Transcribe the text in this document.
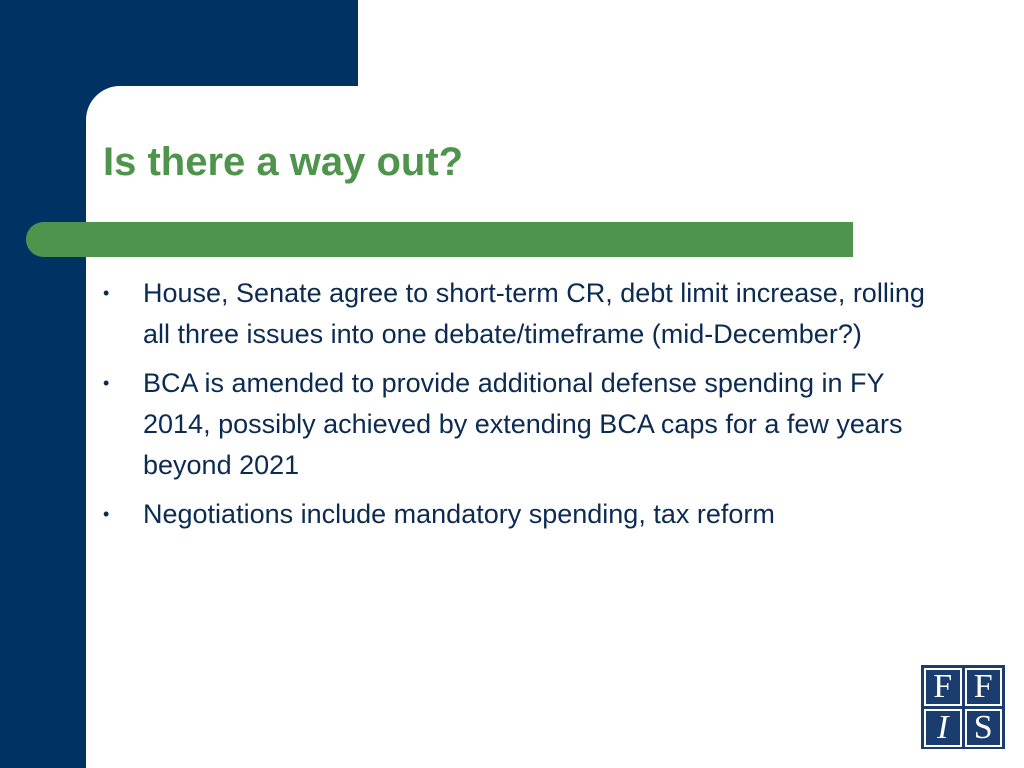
Is there a way out?
• House, Senate agree to short-term CR, debt limit increase, rolling all three issues into one debate/timeframe (mid-December?)
• BCA is amended to provide additional defense spending in FY 2014, possibly achieved by extending BCA caps for a few years beyond 2021
• Negotiations include mandatory spending, tax reform
F F
I S
